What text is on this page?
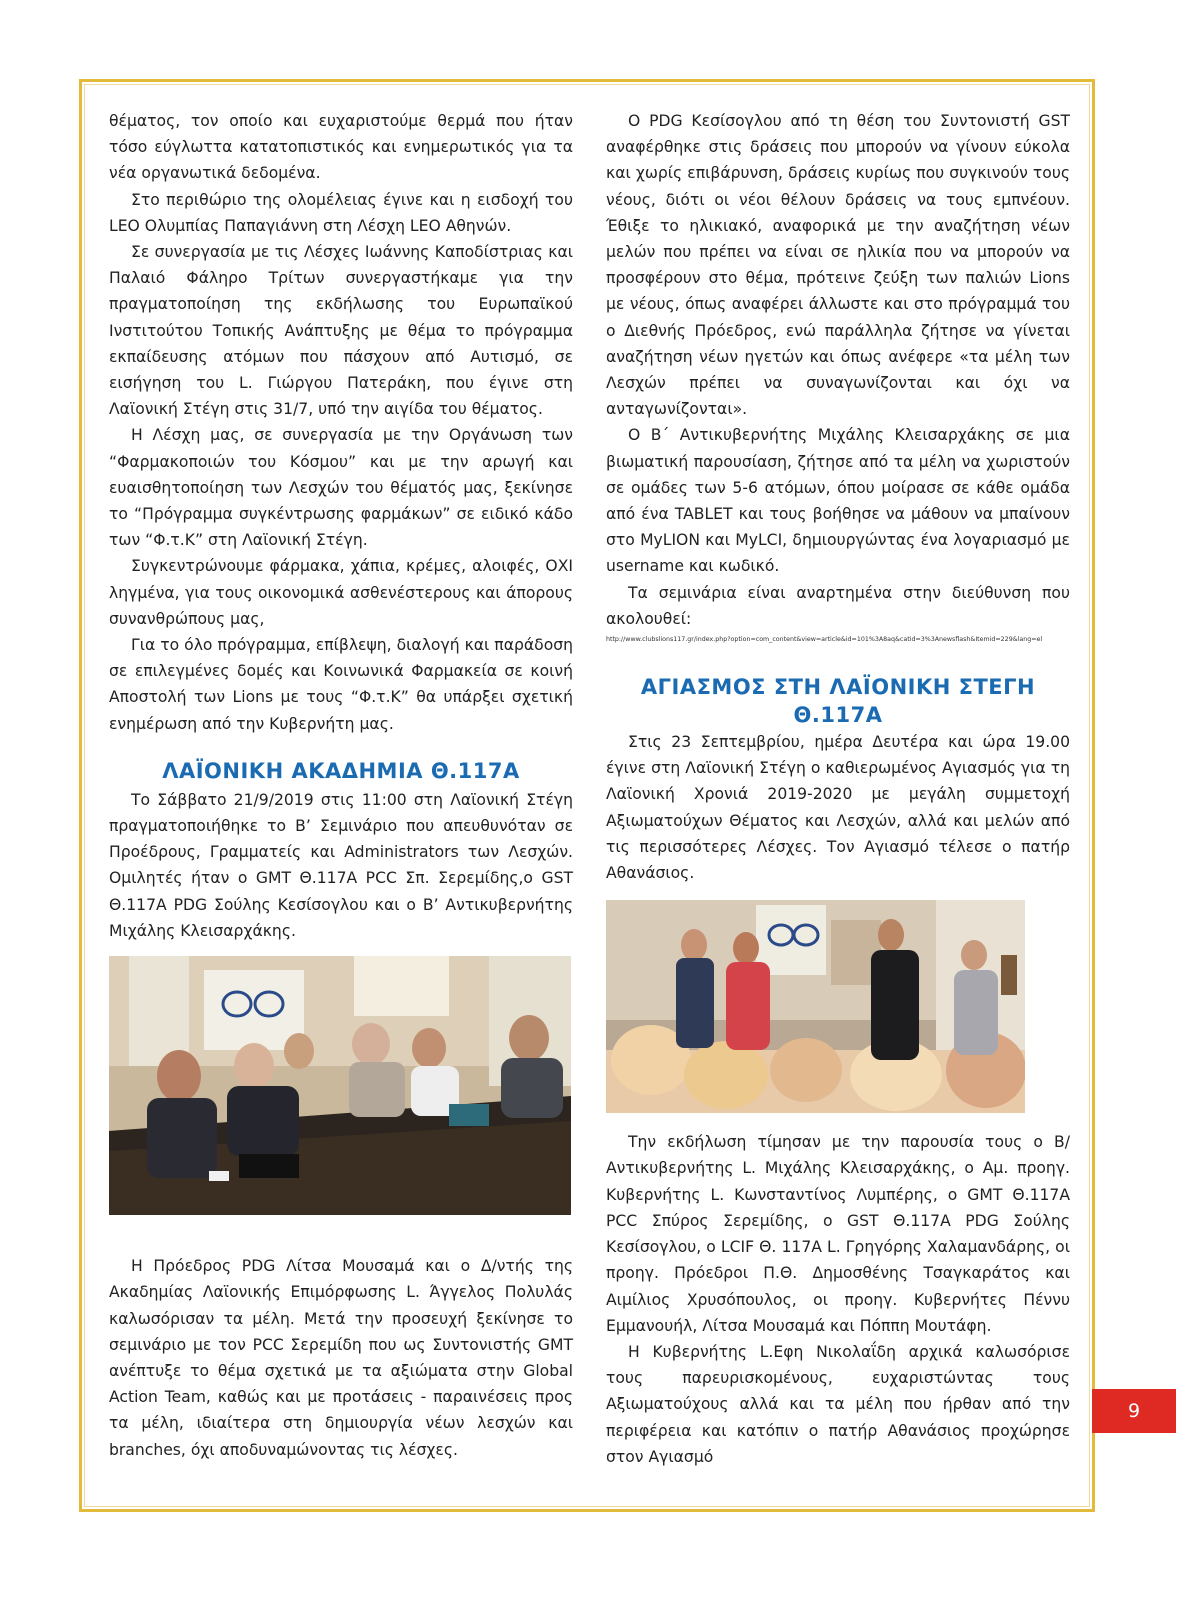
θέματος, τον οποίο και ευχαριστούμε θερμά που ήταν τόσο εύγλωττα κατατοπιστικός και ενημερωτικός για τα νέα οργανωτικά δεδομένα.

Στο περιθώριο της ολομέλειας έγινε και η εισδοχή του LEO Ολυμπίας Παπαγιάννη στη Λέσχη LEO Αθηνών.

Σε συνεργασία με τις Λέσχες Ιωάννης Καποδίστριας και Παλαιό Φάληρο Τρίτων συνεργαστήκαμε για την πραγματοποίηση της εκδήλωσης του Ευρωπαϊκού Ινστιτούτου Τοπικής Ανάπτυξης με θέμα το πρόγραμμα εκπαίδευσης ατόμων που πάσχουν από Αυτισμό, σε εισήγηση του L. Γιώργου Πατεράκη, που έγινε στη Λαϊονική Στέγη στις 31/7, υπό την αιγίδα του θέματος.

Η Λέσχη μας, σε συνεργασία με την Οργάνωση των “Φαρμακοποιών του Κόσμου” και με την αρωγή και ευαισθητοποίηση των Λεσχών του θέματός μας, ξεκίνησε το “Πρόγραμμα συγκέντρωσης φαρμάκων” σε ειδικό κάδο των “Φ.τ.Κ” στη Λαϊονική Στέγη.

Συγκεντρώνουμε φάρμακα, χάπια, κρέμες, αλοιφές, ΟΧΙ ληγμένα, για τους οικονομικά ασθενέστερους και άπορους συνανθρώπους μας,

Για το όλο πρόγραμμα, επίβλεψη, διαλογή και παράδοση σε επιλεγμένες δομές και Κοινωνικά Φαρμακεία σε κοινή Αποστολή των Lions με τους “Φ.τ.Κ” θα υπάρξει σχετική ενημέρωση από την Κυβερνήτη μας.

ΛΑΪΟΝΙΚΗ ΑΚΑΔΗΜΙΑ Θ.117Α

Το Σάββατο 21/9/2019 στις 11:00 στη Λαϊονική Στέγη πραγματοποιήθηκε το Β’ Σεμινάριο που απευθυνόταν σε Προέδρους, Γραμματείς και Administrators των Λεσχών. Ομιλητές ήταν ο GMT Θ.117Α PCC Σπ. Σερεμίδης,ο GST Θ.117Α PDG Σούλης Κεσίσογλου και ο Β’ Αντικυβερνήτης Μιχάλης Κλεισαρχάκης.

Η Πρόεδρος PDG Λίτσα Μουσαμά και ο Δ/ντής της Ακαδημίας Λαϊονικής Επιμόρφωσης L. Άγγελος Πολυλάς καλωσόρισαν τα μέλη. Μετά την προσευχή ξεκίνησε το σεμινάριο με τον PCC Σερεμίδη που ως Συντονιστής GMT ανέπτυξε το θέμα σχετικά με τα αξιώματα στην Global Action Team, καθώς και με προτάσεις - παραινέσεις προς τα μέλη, ιδιαίτερα στη δημιουργία νέων λεσχών και branches, όχι αποδυναμώνοντας τις λέσχες.

Ο PDG Κεσίσογλου από τη θέση του Συντονιστή GST αναφέρθηκε στις δράσεις που μπορούν να γίνουν εύκολα και χωρίς επιβάρυνση, δράσεις κυρίως που συγκινούν τους νέους, διότι οι νέοι θέλουν δράσεις να τους εμπνέουν. Έθιξε το ηλικιακό, αναφορικά με την αναζήτηση νέων μελών που πρέπει να είναι σε ηλικία που να μπορούν να προσφέρουν στο θέμα, πρότεινε ζεύξη των παλιών Lions με νέους, όπως αναφέρει άλλωστε και στο πρόγραμμά του ο Διεθνής Πρόεδρος, ενώ παράλληλα ζήτησε να γίνεται αναζήτηση νέων ηγετών και όπως ανέφερε «τα μέλη των Λεσχών πρέπει να συναγωνίζονται και όχι να ανταγωνίζονται».

Ο Β΄ Αντικυβερνήτης Μιχάλης Κλεισαρχάκης σε μια βιωματική παρουσίαση, ζήτησε από τα μέλη να χωριστούν σε ομάδες των 5-6 ατόμων, όπου μοίρασε σε κάθε ομάδα από ένα TABLET και τους βοήθησε να μάθουν να μπαίνουν στο MyLION και MyLCI, δημιουργώντας ένα λογαριασμό με username και κωδικό.

Τα σεμινάρια είναι αναρτημένα στην διεύθυνση που ακολουθεί:

http://www.clubslions117.gr/index.php?option=com_content&view=article&id=101%3A8aq&catid=3%3Anewsflash&Itemid=229&lang=el

ΑΓΙΑΣΜΟΣ ΣΤΗ ΛΑΪΟΝΙΚΗ ΣΤΕΓΗ
Θ.117Α

Στις 23 Σεπτεμβρίου, ημέρα Δευτέρα και ώρα 19.00 έγινε στη Λαϊονική Στέγη ο καθιερωμένος Αγιασμός για τη Λαϊονική Χρονιά 2019-2020 με μεγάλη συμμετοχή Αξιωματούχων Θέματος και Λεσχών, αλλά και μελών από τις περισσότερες Λέσχες. Τον Αγιασμό τέλεσε ο πατήρ Αθανάσιος.

Την εκδήλωση τίμησαν με την παρουσία τους ο Β/ Αντικυβερνήτης L. Μιχάλης Κλεισαρχάκης, ο Αμ. προηγ. Κυβερνήτης L. Κωνσταντίνος Λυμπέρης, ο GMT Θ.117Α PCC Σπύρος Σερεμίδης, ο GST Θ.117Α PDG Σούλης Κεσίσογλου, ο LCIF Θ. 117Α L. Γρηγόρης Χαλαμανδάρης, οι προηγ. Πρόεδροι Π.Θ. Δημοσθένης Τσαγκαράτος και Αιμίλιος Χρυσόπουλος, οι προηγ. Κυβερνήτες Πέννυ Εμμανουήλ, Λίτσα Μουσαμά και Πόππη Μουτάφη.

Η Κυβερνήτης L.Εφη Νικολαΐδη αρχικά καλωσόρισε τους παρευρισκομένους, ευχαριστώντας τους Αξιωματούχους αλλά και τα μέλη που ήρθαν από την περιφέρεια και κατόπιν ο πατήρ Αθανάσιος προχώρησε στον Αγιασμό

9
